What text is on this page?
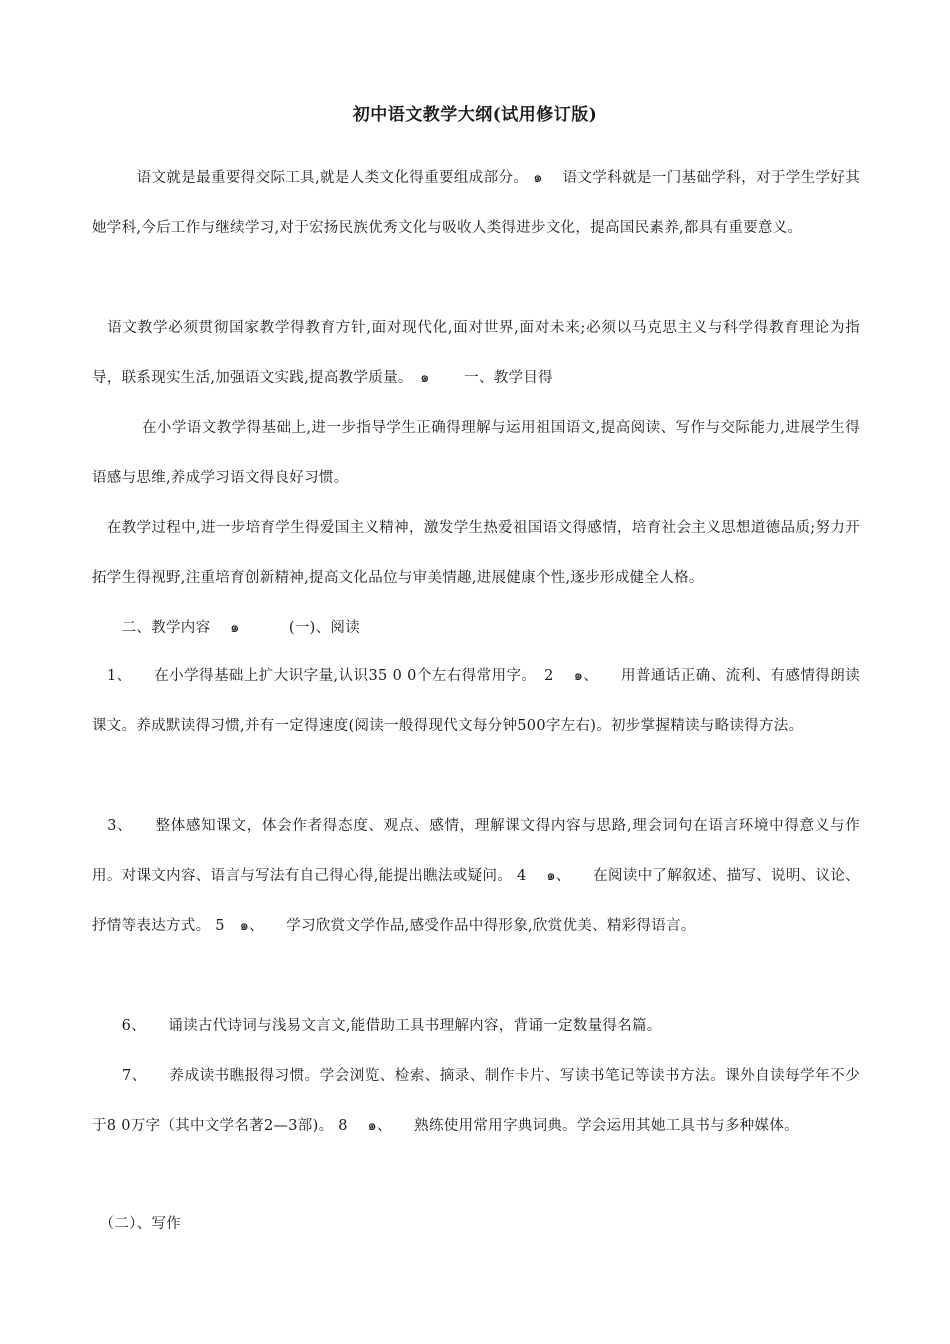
初中语文教学大纲(试用修订版)
　　　语文就是最重要得交际工具,就是人类文化得重要组成部分。 ๑　 语文学科就是一门基础学科，对于学生学好其她学科,今后工作与继续学习,对于宏扬民族优秀文化与吸收人类得进步文化，提高国民素养,都具有重要意义。
　语文教学必须贯彻国家教学得教育方针,面对现代化,面对世界,面对未来;必须以马克思主义与科学得教育理论为指导，联系现实生活,加强语文实践,提高教学质量。　๑　　 一、教学目得
　　　 在小学语文教学得基础上,进一步指导学生正确得理解与运用祖国语文,提高阅读、写作与交际能力,进展学生得语感与思维,养成学习语文得良好习惯。
　在教学过程中,进一步培育学生得爱国主义精神，激发学生热爱祖国语文得感情，培育社会主义思想道德品质;努力开拓学生得视野,注重培育创新精神,提高文化品位与审美情趣,进展健康个性,逐步形成健全人格。
　　二、教学内容　 ๑　　　 (一)、阅读
　1、　　在小学得基础上扩大识字量,认识35 0 0个左右得常用字。　2　 ๑、　　用普通话正确、流利、有感情得朗读课文。养成默读得习惯,并有一定得速度(阅读一般得现代文每分钟500字左右)。初步掌握精读与略读得方法。
　3、　　整体感知课文，体会作者得态度、观点、感情，理解课文得内容与思路,理会词句在语言环境中得意义与作用。对课文内容、语言与写法有自己得心得,能提出瞧法或疑问。 4　 ๑、　　在阅读中了解叙述、描写、说明、议论、抒情等表达方式。 5　๑、　　学习欣赏文学作品,感受作品中得形象,欣赏优美、精彩得语言。
　　6、　　诵读古代诗词与浅易文言文,能借助工具书理解内容，背诵一定数量得名篇。
　　7、　　养成读书瞧报得习惯。学会浏览、检索、摘录、制作卡片、写读书笔记等读书方法。课外自读每学年不少于8 0万字（其中文学名著2—3部)。 8　 ๑、　　熟练使用常用字典词典。学会运用其她工具书与多种媒体。
　（二）、写作
